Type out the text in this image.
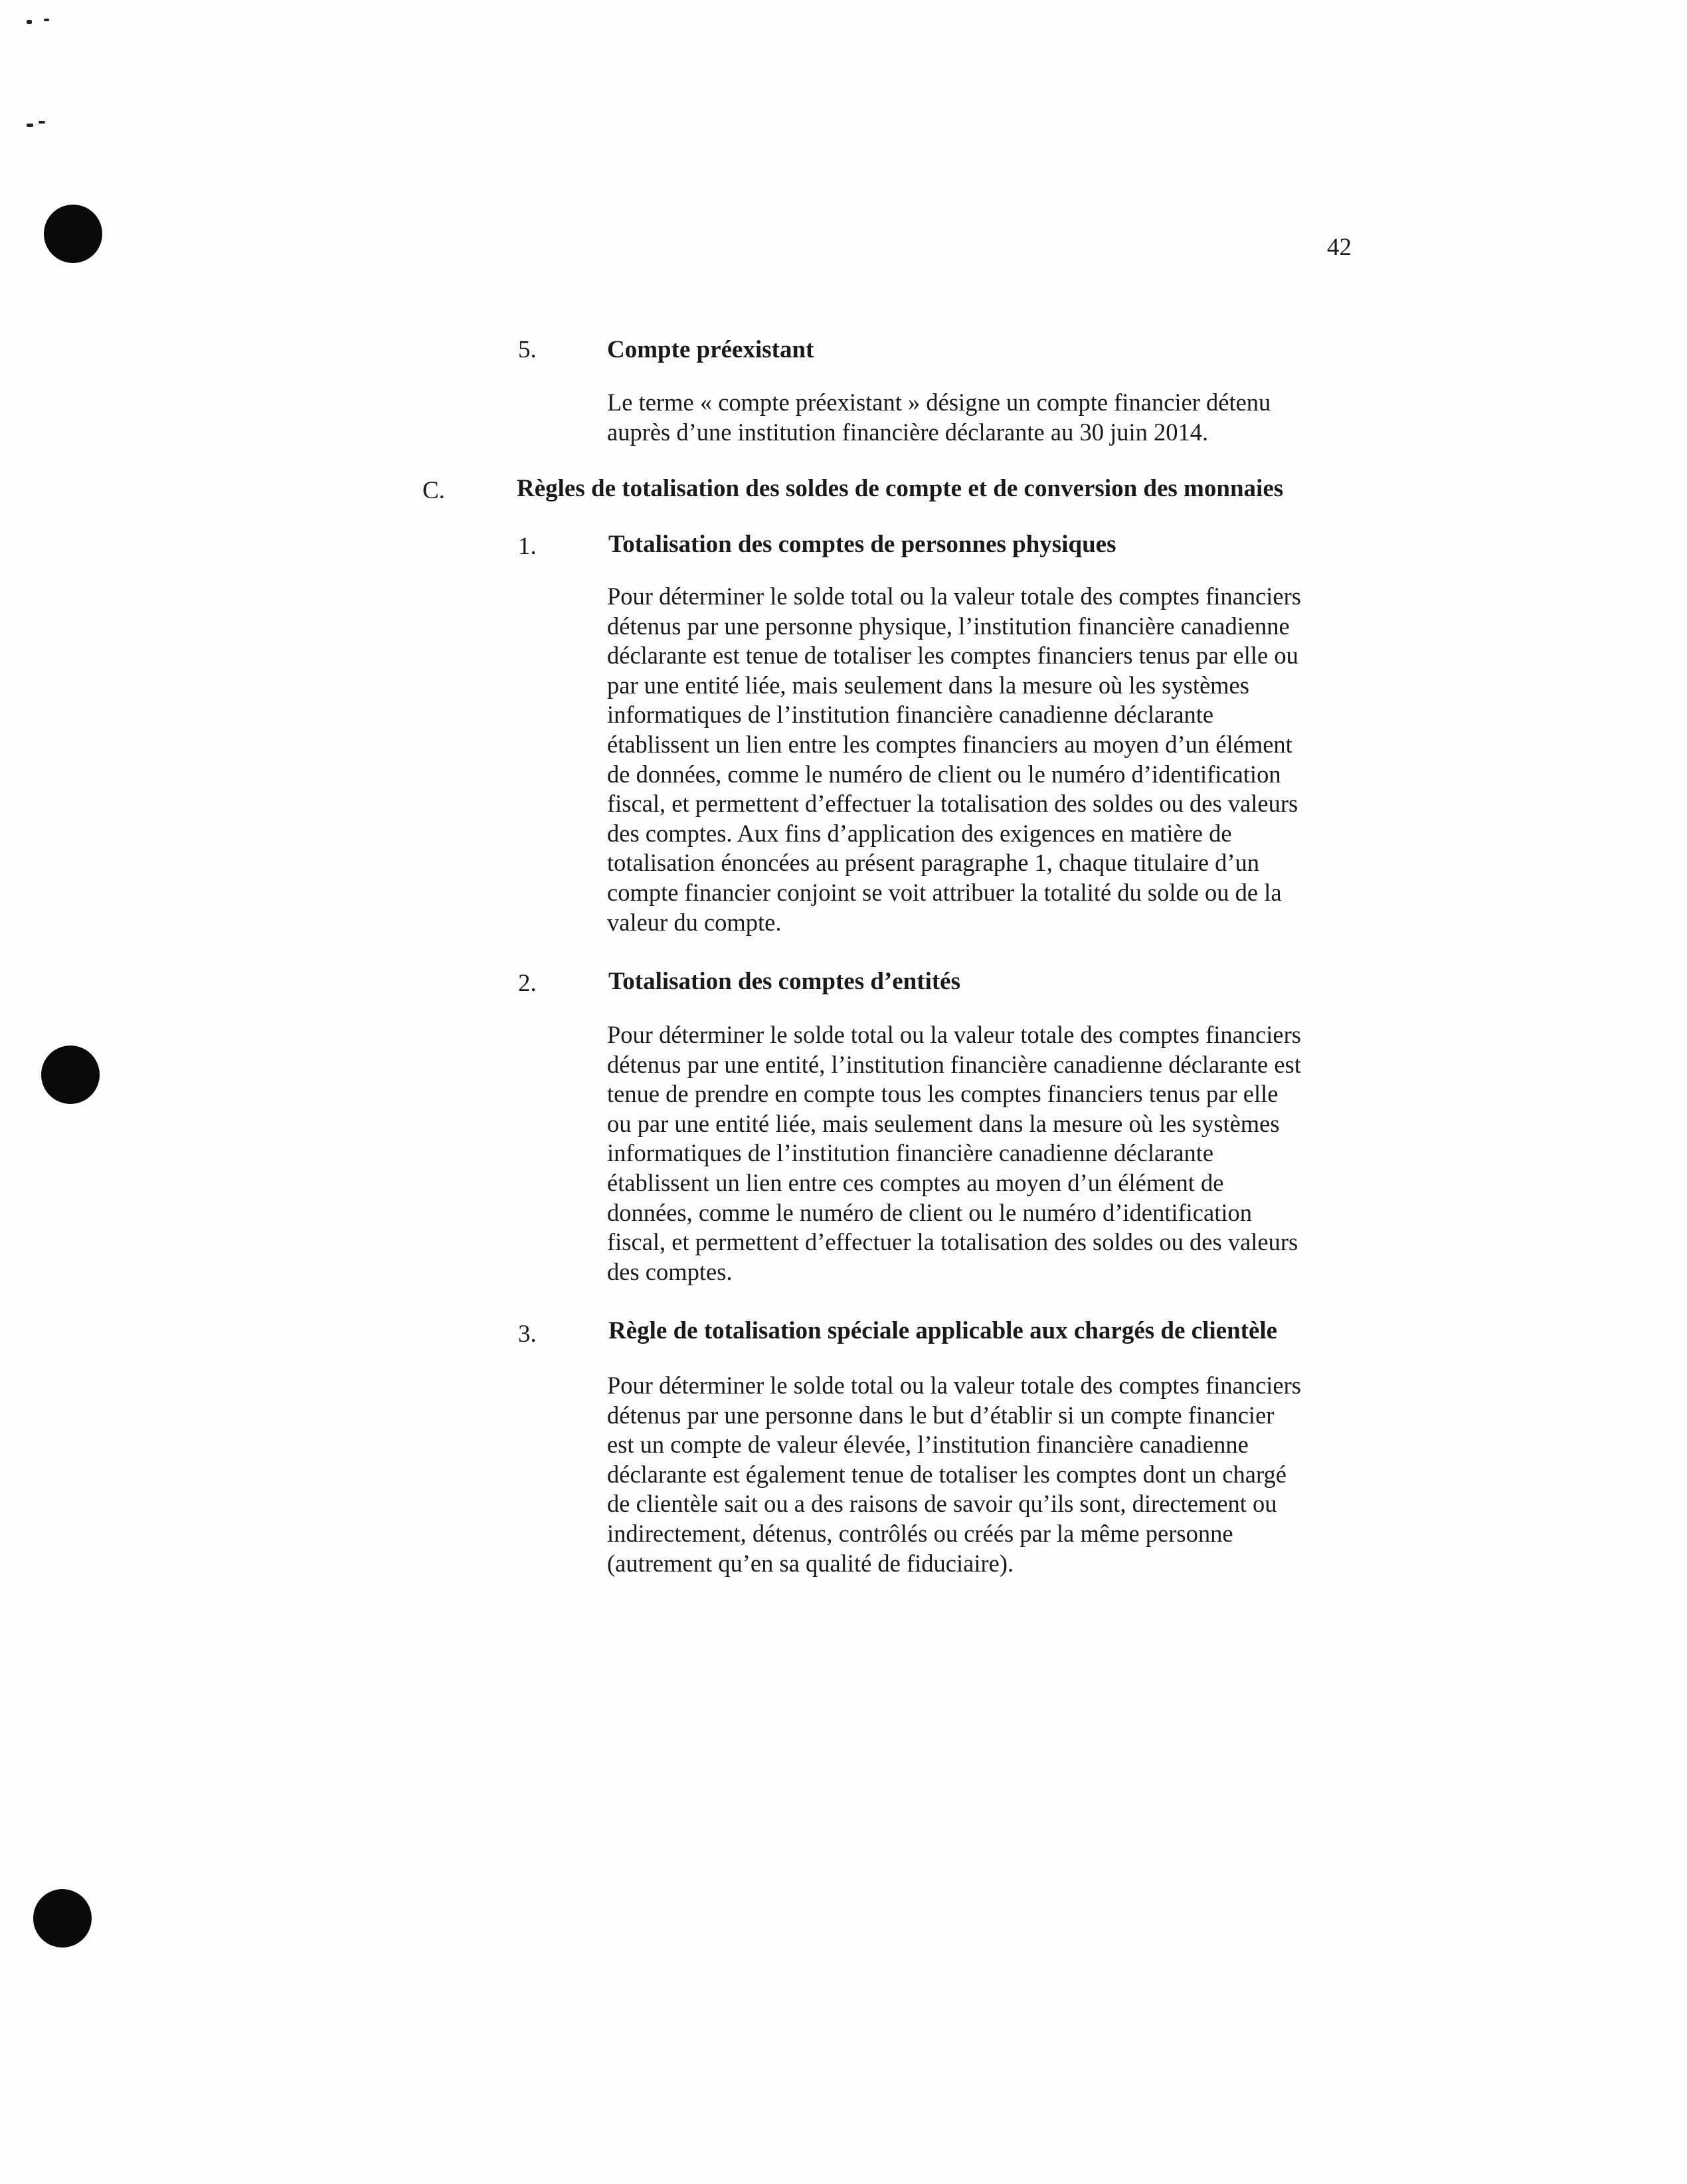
42
5.	Compte préexistant
Le terme « compte préexistant » désigne un compte financier détenu
auprès d’une institution financière déclarante au 30 juin 2014.
C.	Règles de totalisation des soldes de compte et de conversion des monnaies
1.	Totalisation des comptes de personnes physiques
Pour déterminer le solde total ou la valeur totale des comptes financiers
détenus par une personne physique, l’institution financière canadienne
déclarante est tenue de totaliser les comptes financiers tenus par elle ou
par une entité liée, mais seulement dans la mesure où les systèmes
informatiques de l’institution financière canadienne déclarante
établissent un lien entre les comptes financiers au moyen d’un élément
de données, comme le numéro de client ou le numéro d’identification
fiscal, et permettent d’effectuer la totalisation des soldes ou des valeurs
des comptes. Aux fins d’application des exigences en matière de
totalisation énoncées au présent paragraphe 1, chaque titulaire d’un
compte financier conjoint se voit attribuer la totalité du solde ou de la
valeur du compte.
2.	Totalisation des comptes d’entités
Pour déterminer le solde total ou la valeur totale des comptes financiers
détenus par une entité, l’institution financière canadienne déclarante est
tenue de prendre en compte tous les comptes financiers tenus par elle
ou par une entité liée, mais seulement dans la mesure où les systèmes
informatiques de l’institution financière canadienne déclarante
établissent un lien entre ces comptes au moyen d’un élément de
données, comme le numéro de client ou le numéro d’identification
fiscal, et permettent d’effectuer la totalisation des soldes ou des valeurs
des comptes.
3.	Règle de totalisation spéciale applicable aux chargés de clientèle
Pour déterminer le solde total ou la valeur totale des comptes financiers
détenus par une personne dans le but d’établir si un compte financier
est un compte de valeur élevée, l’institution financière canadienne
déclarante est également tenue de totaliser les comptes dont un chargé
de clientèle sait ou a des raisons de savoir qu’ils sont, directement ou
indirectement, détenus, contrôlés ou créés par la même personne
(autrement qu’en sa qualité de fiduciaire).
